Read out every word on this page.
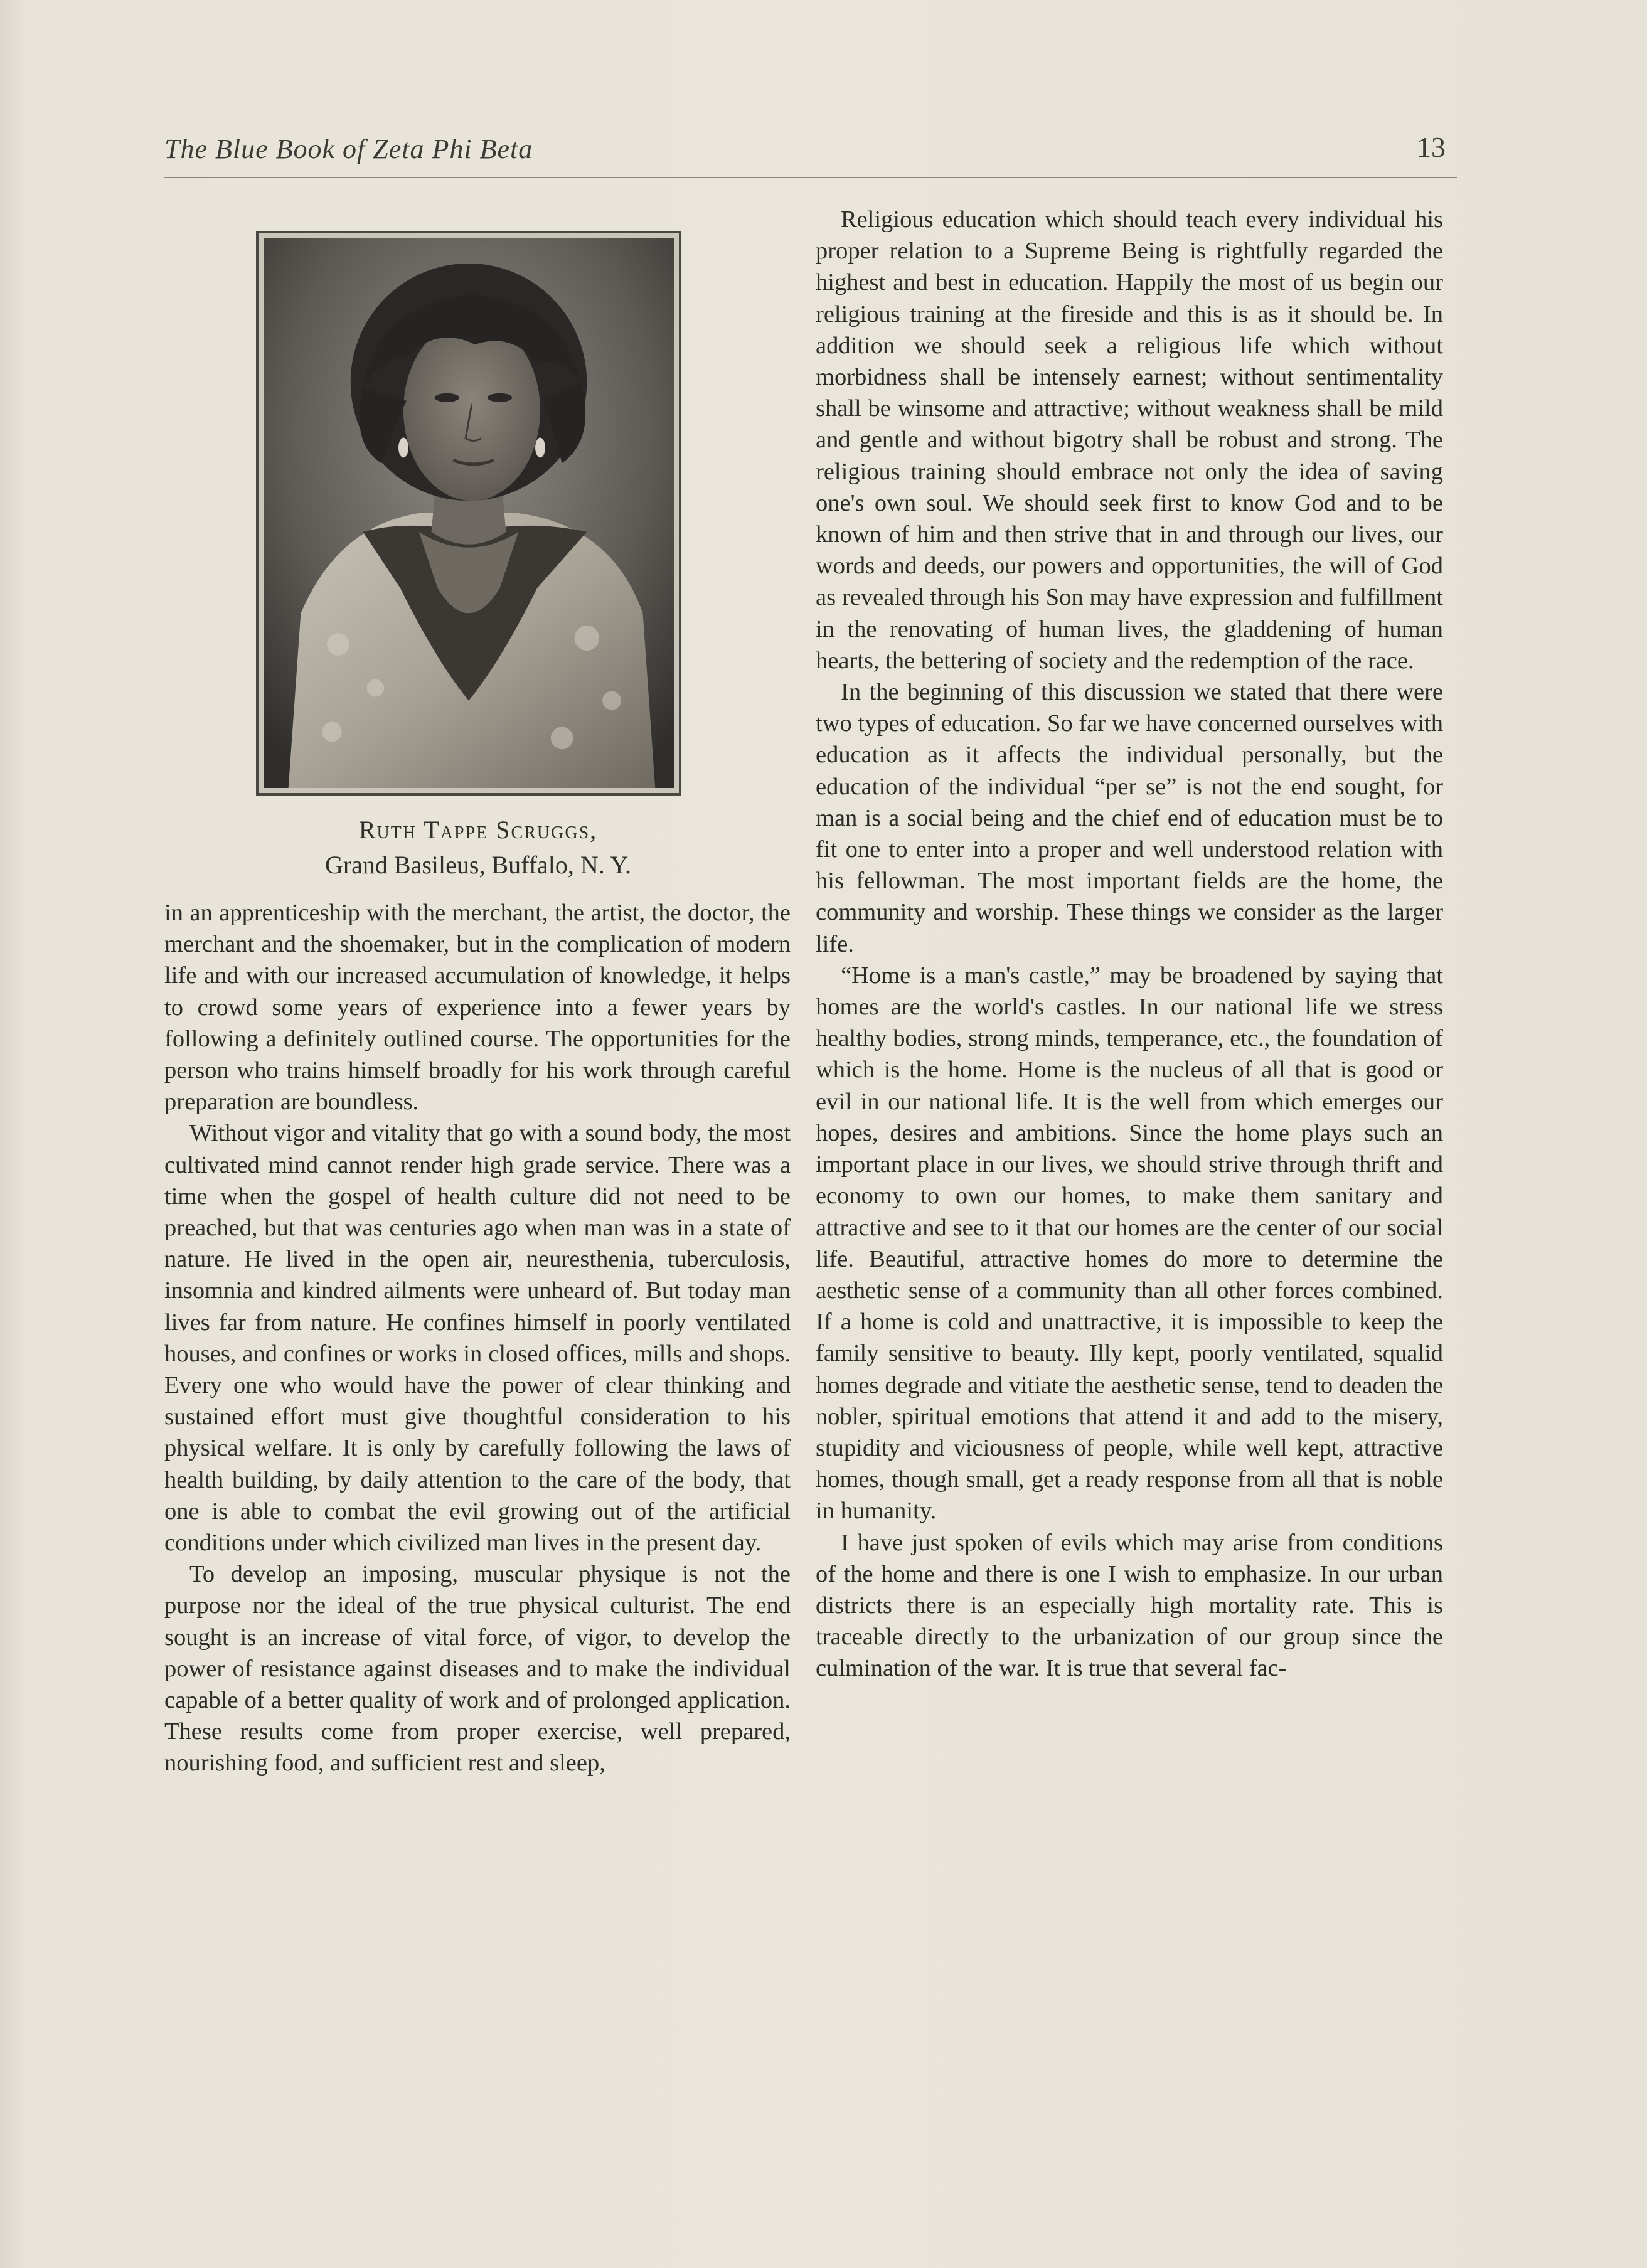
The Blue Book of Zeta Phi Beta	13
Ruth Tappe Scruggs,
Grand Basileus, Buffalo, N. Y.

in an apprenticeship with the merchant, the artist, the doctor, the merchant and the shoemaker, but in the complication of modern life and with our increased accumulation of knowledge, it helps to crowd some years of experience into a fewer years by following a definitely outlined course. The opportunities for the person who trains himself broadly for his work through careful preparation are boundless.

Without vigor and vitality that go with a sound body, the most cultivated mind cannot render high grade service. There was a time when the gospel of health culture did not need to be preached, but that was centuries ago when man was in a state of nature. He lived in the open air, neuresthenia, tuberculosis, insomnia and kindred ailments were unheard of. But today man lives far from nature. He confines himself in poorly ventilated houses, and confines or works in closed offices, mills and shops. Every one who would have the power of clear thinking and sustained effort must give thoughtful consideration to his physical welfare. It is only by carefully following the laws of health building, by daily attention to the care of the body, that one is able to combat the evil growing out of the artificial conditions under which civilized man lives in the present day.

To develop an imposing, muscular physique is not the purpose nor the ideal of the true physical culturist. The end sought is an increase of vital force, of vigor, to develop the power of resistance against diseases and to make the individual capable of a better quality of work and of prolonged application. These results come from proper exercise, well prepared, nourishing food, and sufficient rest and sleep,

Religious education which should teach every individual his proper relation to a Supreme Being is rightfully regarded the highest and best in education. Happily the most of us begin our religious training at the fireside and this is as it should be. In addition we should seek a religious life which without morbidness shall be intensely earnest; without sentimentality shall be winsome and attractive; without weakness shall be mild and gentle and without bigotry shall be robust and strong. The religious training should embrace not only the idea of saving one's own soul. We should seek first to know God and to be known of him and then strive that in and through our lives, our words and deeds, our powers and opportunities, the will of God as revealed through his Son may have expression and fulfillment in the renovating of human lives, the gladdening of human hearts, the bettering of society and the redemption of the race.

In the beginning of this discussion we stated that there were two types of education. So far we have concerned ourselves with education as it affects the individual personally, but the education of the individual “per se” is not the end sought, for man is a social being and the chief end of education must be to fit one to enter into a proper and well understood relation with his fellowman. The most important fields are the home, the community and worship. These things we consider as the larger life.

“Home is a man's castle,” may be broadened by saying that homes are the world's castles. In our national life we stress healthy bodies, strong minds, temperance, etc., the foundation of which is the home. Home is the nucleus of all that is good or evil in our national life. It is the well from which emerges our hopes, desires and ambitions. Since the home plays such an important place in our lives, we should strive through thrift and economy to own our homes, to make them sanitary and attractive and see to it that our homes are the center of our social life. Beautiful, attractive homes do more to determine the aesthetic sense of a community than all other forces combined. If a home is cold and unattractive, it is impossible to keep the family sensitive to beauty. Illy kept, poorly ventilated, squalid homes degrade and vitiate the aesthetic sense, tend to deaden the nobler, spiritual emotions that attend it and add to the misery, stupidity and viciousness of people, while well kept, attractive homes, though small, get a ready response from all that is noble in humanity.

I have just spoken of evils which may arise from conditions of the home and there is one I wish to emphasize. In our urban districts there is an especially high mortality rate. This is traceable directly to the urbanization of our group since the culmination of the war. It is true that several fac-
